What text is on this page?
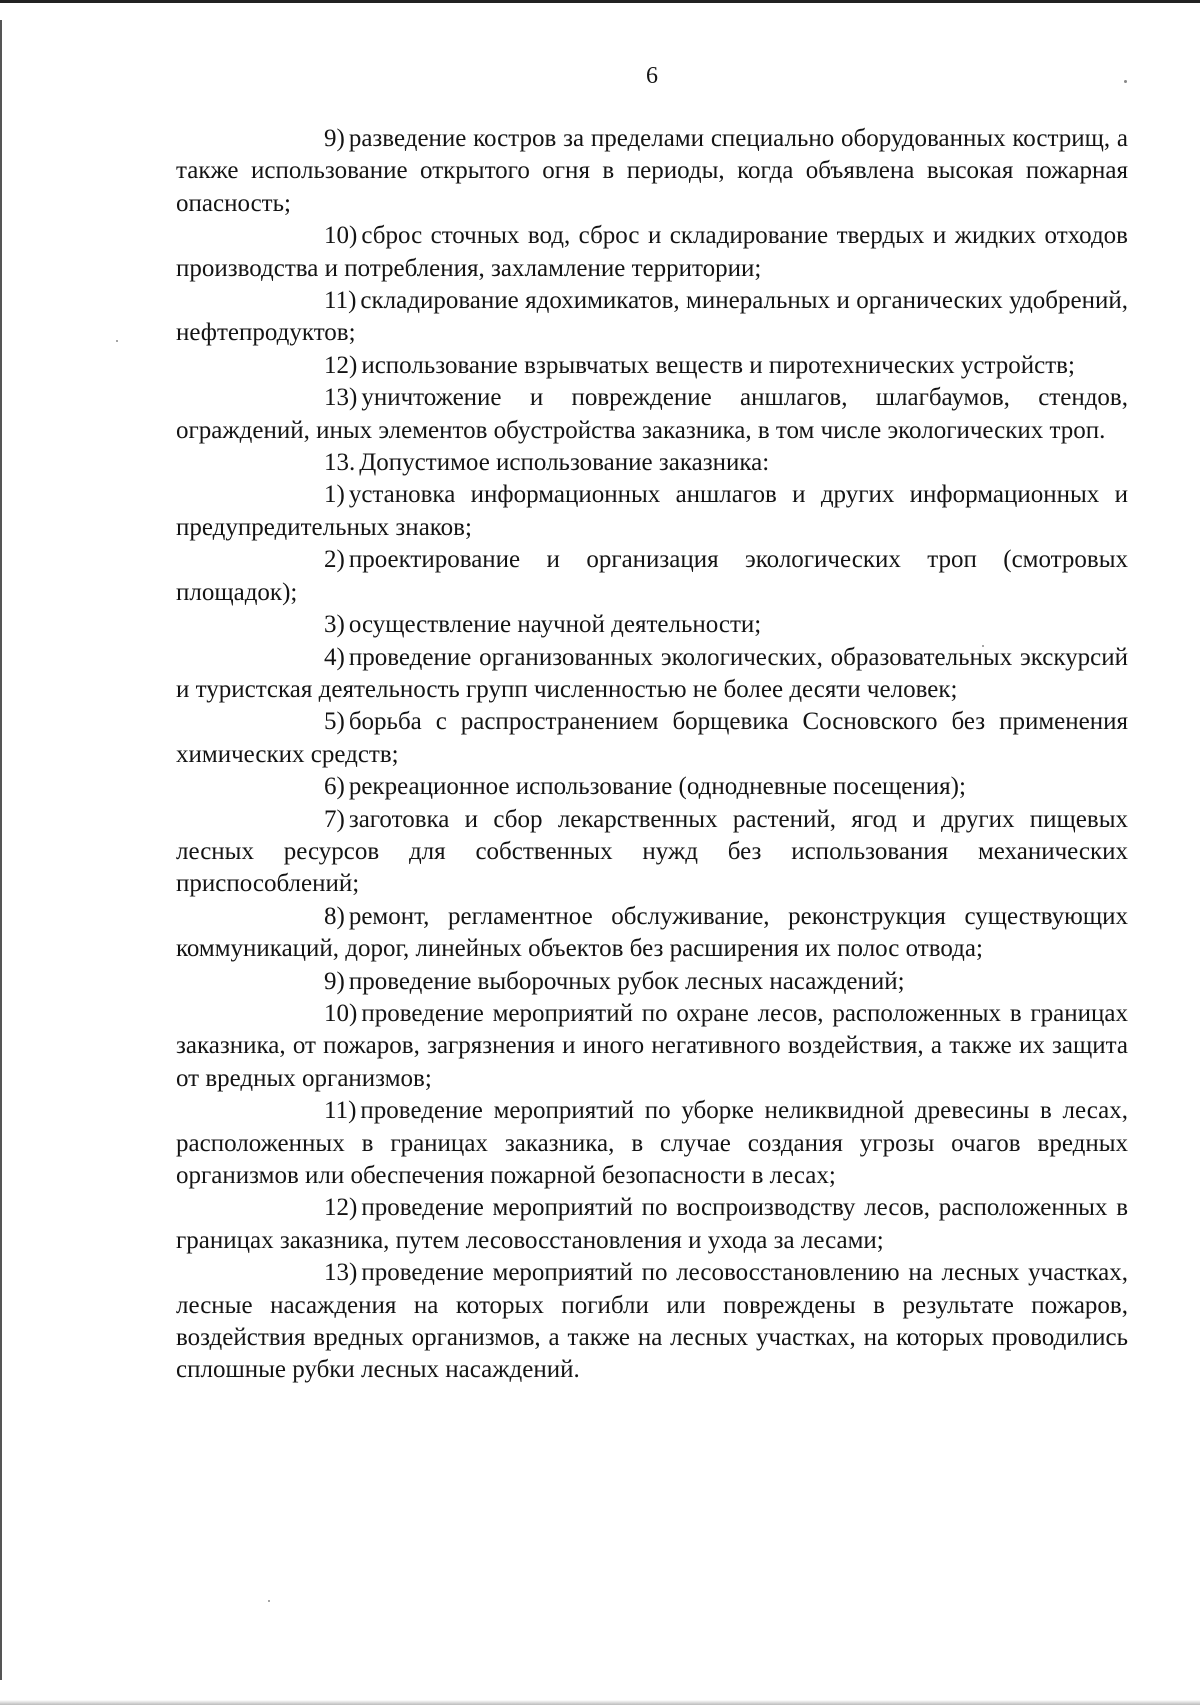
6

9) разведение костров за пределами специально оборудованных кострищ, а также использование открытого огня в периоды, когда объявлена высокая пожарная опасность;

10) сброс сточных вод, сброс и складирование твердых и жидких отходов производства и потребления, захламление территории;

11) складирование ядохимикатов, минеральных и органических удобрений, нефтепродуктов;

12) использование взрывчатых веществ и пиротехнических устройств;

13) уничтожение и повреждение аншлагов, шлагбаумов, стендов, ограждений, иных элементов обустройства заказника, в том числе экологических троп.

13. Допустимое использование заказника:

1) установка информационных аншлагов и других информационных и предупредительных знаков;

2) проектирование и организация экологических троп (смотровых площадок);

3) осуществление научной деятельности;

4) проведение организованных экологических, образовательных экскурсий и туристская деятельность групп численностью не более десяти человек;

5) борьба с распространением борщевика Сосновского без применения химических средств;

6) рекреационное использование (однодневные посещения);

7) заготовка и сбор лекарственных растений, ягод и других пищевых лесных ресурсов для собственных нужд без использования механических приспособлений;

8) ремонт, регламентное обслуживание, реконструкция существующих коммуникаций, дорог, линейных объектов без расширения их полос отвода;

9) проведение выборочных рубок лесных насаждений;

10) проведение мероприятий по охране лесов, расположенных в границах заказника, от пожаров, загрязнения и иного негативного воздействия, а также их защита от вредных организмов;

11) проведение мероприятий по уборке неликвидной древесины в лесах, расположенных в границах заказника, в случае создания угрозы очагов вредных организмов или обеспечения пожарной безопасности в лесах;

12) проведение мероприятий по воспроизводству лесов, расположенных в границах заказника, путем лесовосстановления и ухода за лесами;

13) проведение мероприятий по лесовосстановлению на лесных участках, лесные насаждения на которых погибли или повреждены в результате пожаров, воздействия вредных организмов, а также на лесных участках, на которых проводились сплошные рубки лесных насаждений.
